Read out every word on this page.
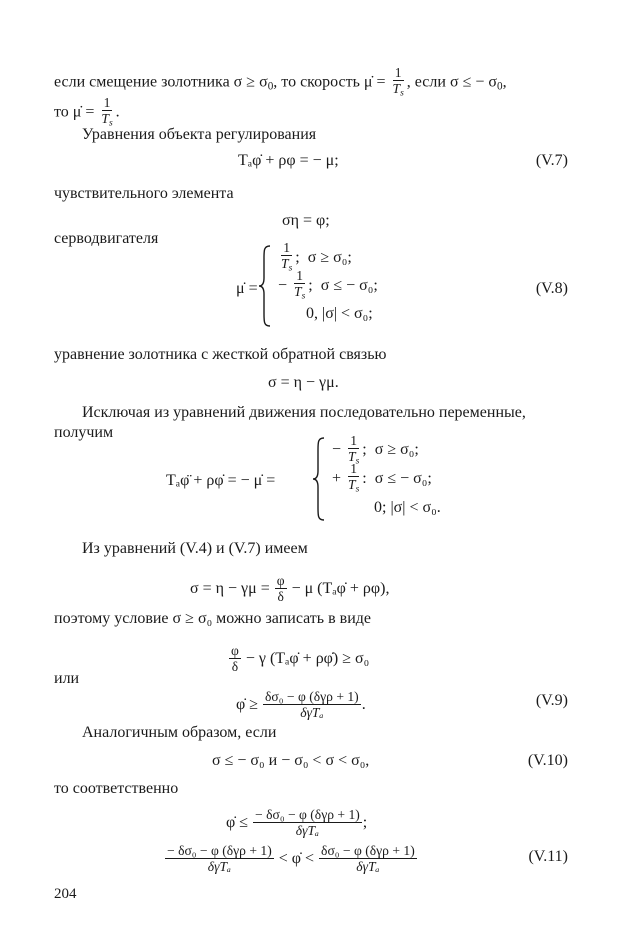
если смещение золотника $\sigma \ge \sigma_0$, то скорость μ̇ = $\frac{1}{T_s}$ , если σ ≤ − $\sigma_0$,
то μ̇ = $\frac{1}{T_s}$ .
Уравнения объекта регулирования
Tₐφ̇ + ρφ = − μ;	(V.7)
чувствительного элемента
ση = φ;
серводвигателя
μ̇ =
$\frac{1}{T_s}$ ; σ ≥ σ₀;
− $\frac{1}{T_s}$ ; σ ≤ − σ₀;
0, |σ| < σ₀;
(V.8)
уравнение золотника с жесткой обратной связью
σ = η − γμ.
Исключая из уравнений движения последовательно переменные,
получим
Tₐφ̈ + ρφ̇ = − μ̇ =
− $\frac{1}{T_s}$ ; σ ≥ σ₀;
+ $\frac{1}{T_s}$ : σ ≤ − σ₀;
0; |σ| < σ₀.
Из уравнений (V.4) и (V.7) имеем
$\sigma = \eta - \gamma\mu = \frac{\varphi}{\delta} - \mu$ (Tₐφ̇ + ρφ),
поэтому условие σ ≥ σ₀ можно записать в виде
$\frac{\varphi}{\delta} - \gamma$ (Tₐφ̇ + ρφ̇) ≥ σ₀
или
φ̇ ≥ $\frac{\text{δσ₀ − φ (δγρ + 1)}}{\text{δγTₐ}}$ .	(V.9)
Аналогичным образом, если
σ ≤ − σ₀ и − σ₀ < σ < σ₀,	(V.10)
то соответственно
φ̇ ≤ $\frac{\text{− δσ₀ − φ (δγρ + 1)}}{\text{δγTₐ}}$ ;
$\frac{\text{− δσ₀ − φ (δγρ + 1)}}{\text{δγTₐ}}$ < φ̇ < $\frac{\text{δσ₀ − φ (δγρ + 1)}}{\text{δγTₐ}}$	(V.11)
204
